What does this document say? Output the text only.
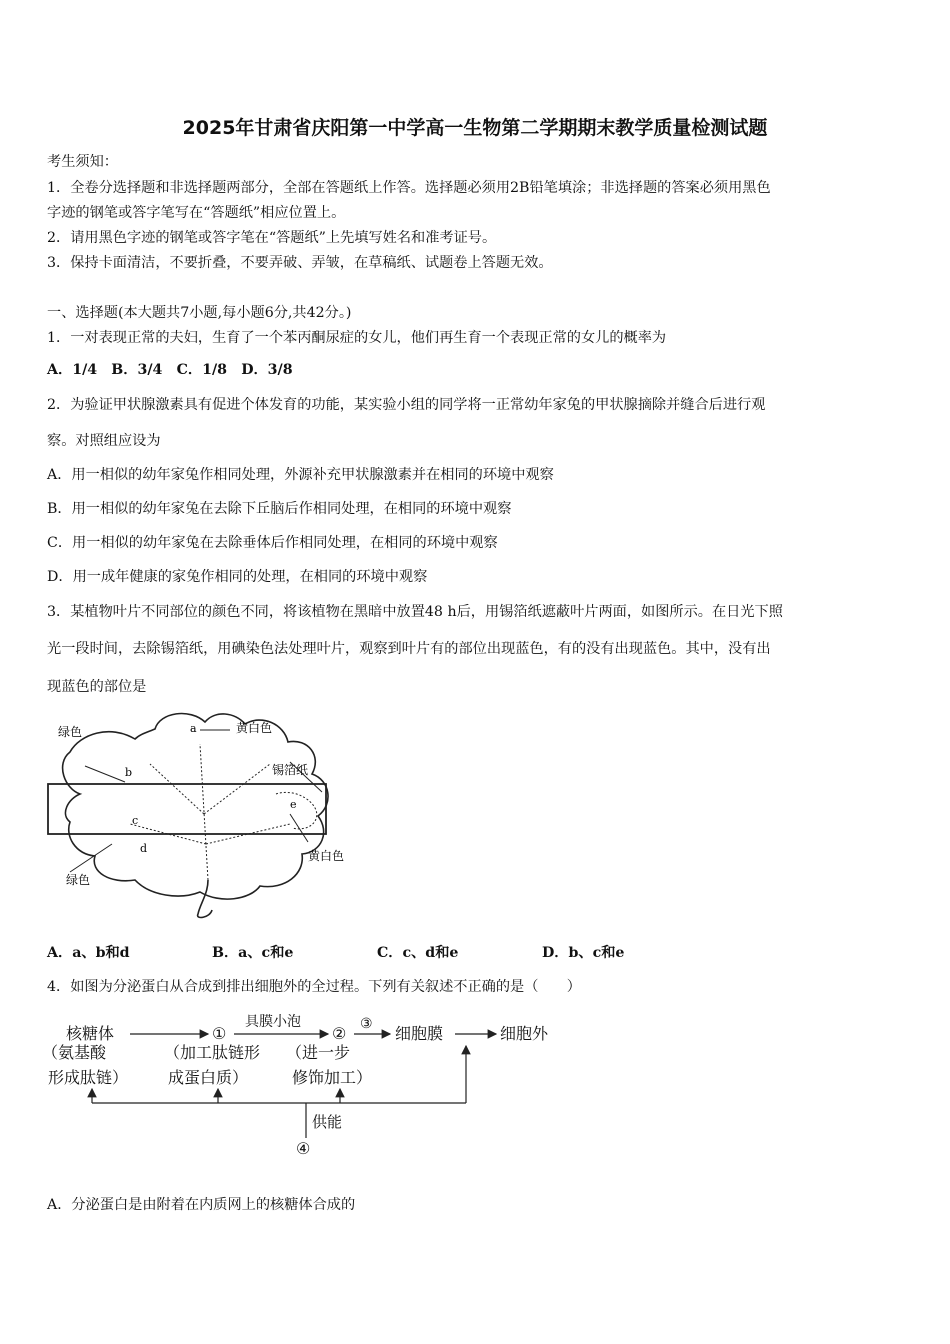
2025年甘肃省庆阳第一中学高一生物第二学期期末教学质量检测试题
考生须知：
1．全卷分选择题和非选择题两部分，全部在答题纸上作答。选择题必须用2B铅笔填涂；非选择题的答案必须用黑色
字迹的钢笔或答字笔写在“答题纸”相应位置上。
2．请用黑色字迹的钢笔或答字笔在“答题纸”上先填写姓名和准考证号。
3．保持卡面清洁，不要折叠，不要弄破、弄皱，在草稿纸、试题卷上答题无效。
一、选择题(本大题共7小题,每小题6分,共42分。)
1．一对表现正常的夫妇，生育了一个苯丙酮尿症的女儿，他们再生育一个表现正常的女儿的概率为
A．1/4　B．3/4　C．1/8　D．3/8
2．为验证甲状腺激素具有促进个体发育的功能，某实验小组的同学将一正常幼年家兔的甲状腺摘除并缝合后进行观
察。对照组应设为
A．用一相似的幼年家兔作相同处理，外源补充甲状腺激素并在相同的环境中观察
B．用一相似的幼年家兔在去除下丘脑后作相同处理，在相同的环境中观察
C．用一相似的幼年家兔在去除垂体后作相同处理，在相同的环境中观察
D．用一成年健康的家兔作相同的处理，在相同的环境中观察
3．某植物叶片不同部位的颜色不同，将该植物在黑暗中放置48 h后，用锡箔纸遮蔽叶片两面，如图所示。在日光下照
光一段时间，去除锡箔纸，用碘染色法处理叶片，观察到叶片有的部位出现蓝色，有的没有出现蓝色。其中，没有出
现蓝色的部位是
绿色	黄白色
锡箔纸
黄白色
绿色
a
b
c
d
e
A．a、b和d	B．a、c和e	C．c、d和e	D．b、c和e
4．如图为分泌蛋白从合成到排出细胞外的全过程。下列有关叙述不正确的是（　　）
核糖体
（氨基酸
形成肽链）
①
具膜小泡
（加工肽链形
成蛋白质）
② ③
（进一步
修饰加工）
细胞膜	细胞外
供能
④
A．分泌蛋白是由附着在内质网上的核糖体合成的
